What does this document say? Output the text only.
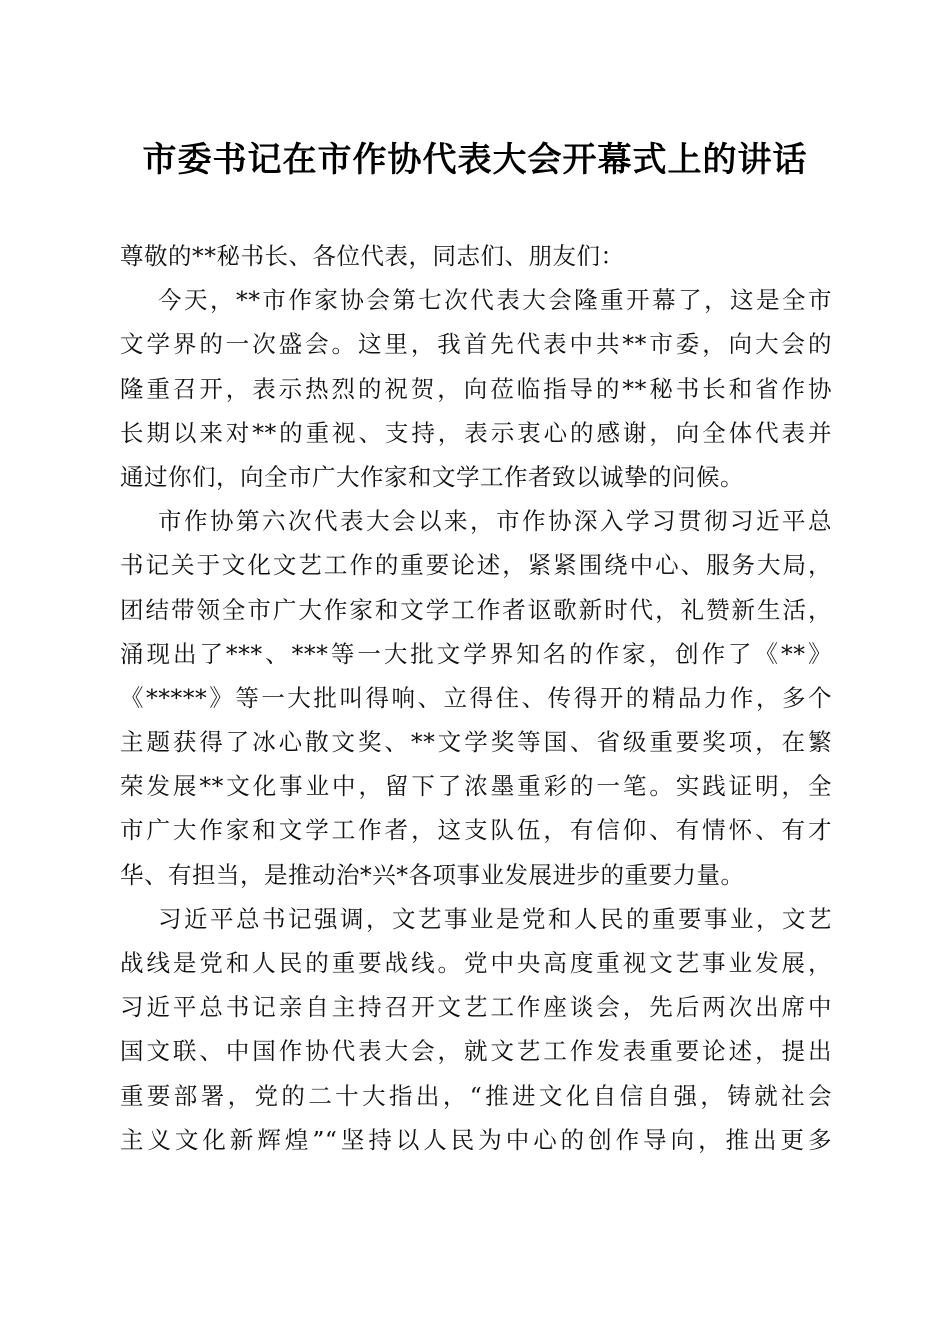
市委书记在市作协代表大会开幕式上的讲话
尊敬的**秘书长、各位代表，同志们、朋友们：
今天，**市作家协会第七次代表大会隆重开幕了，这是全市
文学界的一次盛会。这里，我首先代表中共**市委，向大会的
隆重召开，表示热烈的祝贺，向莅临指导的**秘书长和省作协
长期以来对**的重视、支持，表示衷心的感谢，向全体代表并
通过你们，向全市广大作家和文学工作者致以诚挚的问候。
市作协第六次代表大会以来，市作协深入学习贯彻习近平总
书记关于文化文艺工作的重要论述，紧紧围绕中心、服务大局，
团结带领全市广大作家和文学工作者讴歌新时代，礼赞新生活，
涌现出了***、***等一大批文学界知名的作家，创作了《**》
《*****》等一大批叫得响、立得住、传得开的精品力作，多个
主题获得了冰心散文奖、**文学奖等国、省级重要奖项，在繁
荣发展**文化事业中，留下了浓墨重彩的一笔。实践证明，全
市广大作家和文学工作者，这支队伍，有信仰、有情怀、有才
华、有担当，是推动治*兴*各项事业发展进步的重要力量。
习近平总书记强调，文艺事业是党和人民的重要事业，文艺
战线是党和人民的重要战线。党中央高度重视文艺事业发展，
习近平总书记亲自主持召开文艺工作座谈会，先后两次出席中
国文联、中国作协代表大会，就文艺工作发表重要论述，提出
重要部署，党的二十大指出，“推进文化自信自强，铸就社会
主义文化新辉煌”“坚持以人民为中心的创作导向，推出更多
